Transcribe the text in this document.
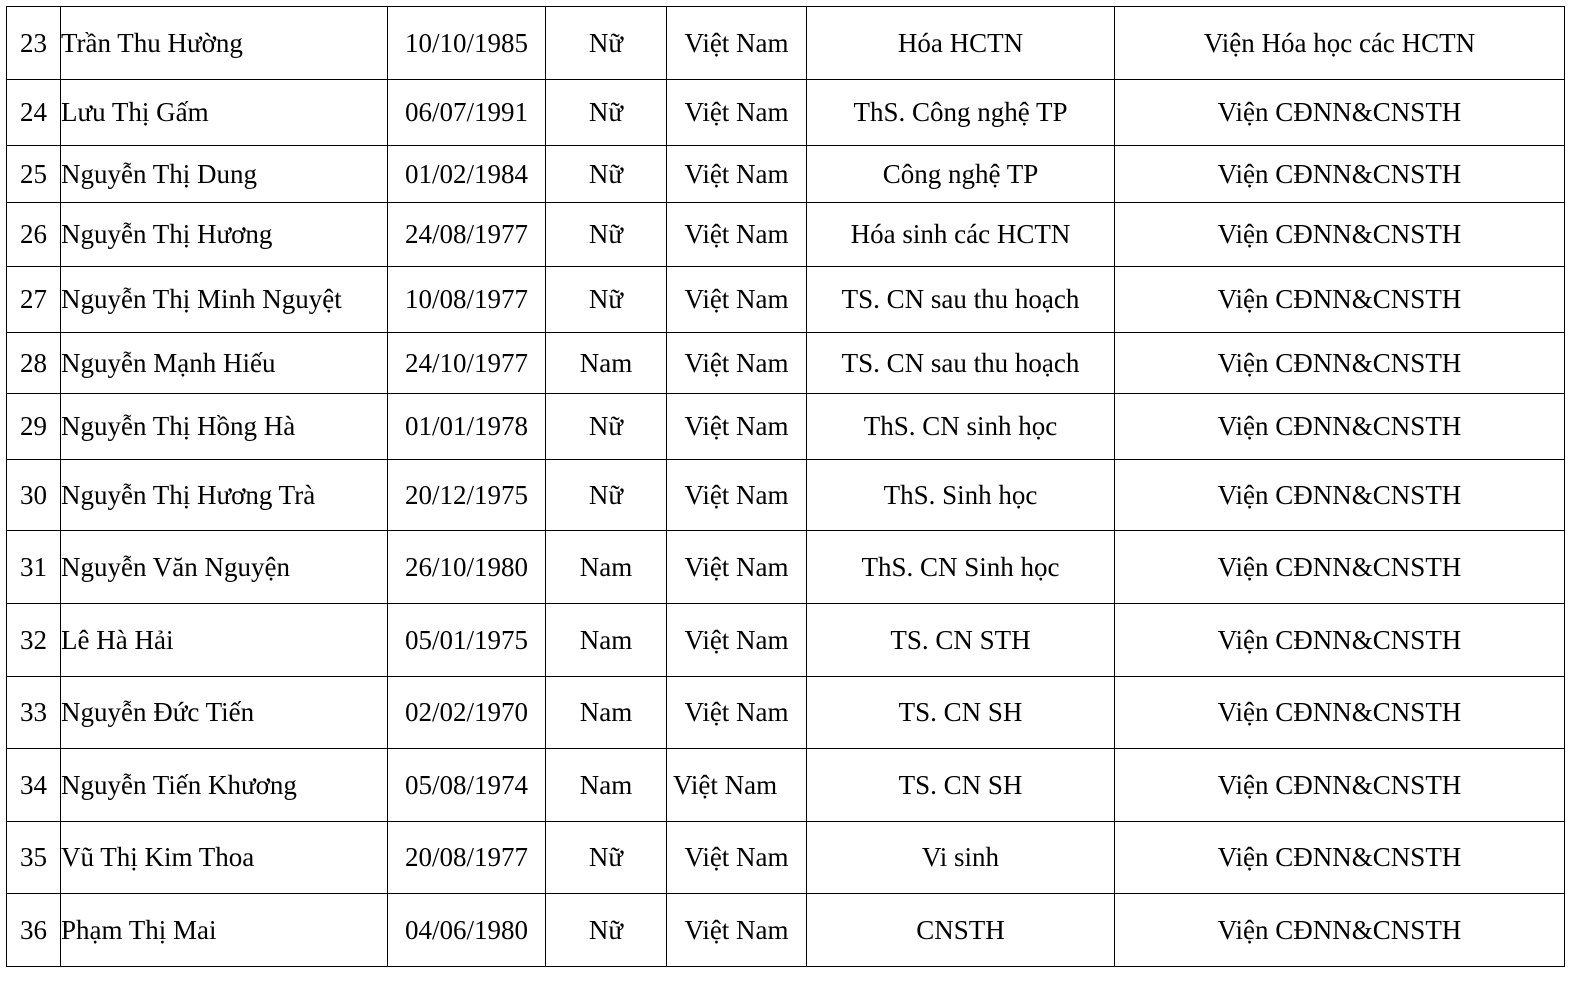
23	Trần Thu Hường	10/10/1985	Nữ	Việt Nam	Hóa HCTN	Viện Hóa học các HCTN
24	Lưu Thị Gấm	06/07/1991	Nữ	Việt Nam	ThS. Công nghệ TP	Viện CĐNN&CNSTH
25	Nguyễn Thị Dung	01/02/1984	Nữ	Việt Nam	Công nghệ TP	Viện CĐNN&CNSTH
26	Nguyễn Thị Hương	24/08/1977	Nữ	Việt Nam	Hóa sinh các HCTN	Viện CĐNN&CNSTH
27	Nguyễn Thị Minh Nguyệt	10/08/1977	Nữ	Việt Nam	TS. CN sau thu hoạch	Viện CĐNN&CNSTH
28	Nguyễn Mạnh Hiếu	24/10/1977	Nam	Việt Nam	TS. CN sau thu hoạch	Viện CĐNN&CNSTH
29	Nguyễn Thị Hồng Hà	01/01/1978	Nữ	Việt Nam	ThS. CN sinh học	Viện CĐNN&CNSTH
30	Nguyễn Thị Hương Trà	20/12/1975	Nữ	Việt Nam	ThS. Sinh học	Viện CĐNN&CNSTH
31	Nguyễn Văn Nguyện	26/10/1980	Nam	Việt Nam	ThS. CN Sinh học	Viện CĐNN&CNSTH
32	Lê Hà Hải	05/01/1975	Nam	Việt Nam	TS. CN STH	Viện CĐNN&CNSTH
33	Nguyễn Đức Tiến	02/02/1970	Nam	Việt Nam	TS. CN SH	Viện CĐNN&CNSTH
34	Nguyễn Tiến Khương	05/08/1974	Nam	Việt Nam	TS. CN SH	Viện CĐNN&CNSTH
35	Vũ Thị Kim Thoa	20/08/1977	Nữ	Việt Nam	Vi sinh	Viện CĐNN&CNSTH
36	Phạm Thị Mai	04/06/1980	Nữ	Việt Nam	CNSTH	Viện CĐNN&CNSTH
